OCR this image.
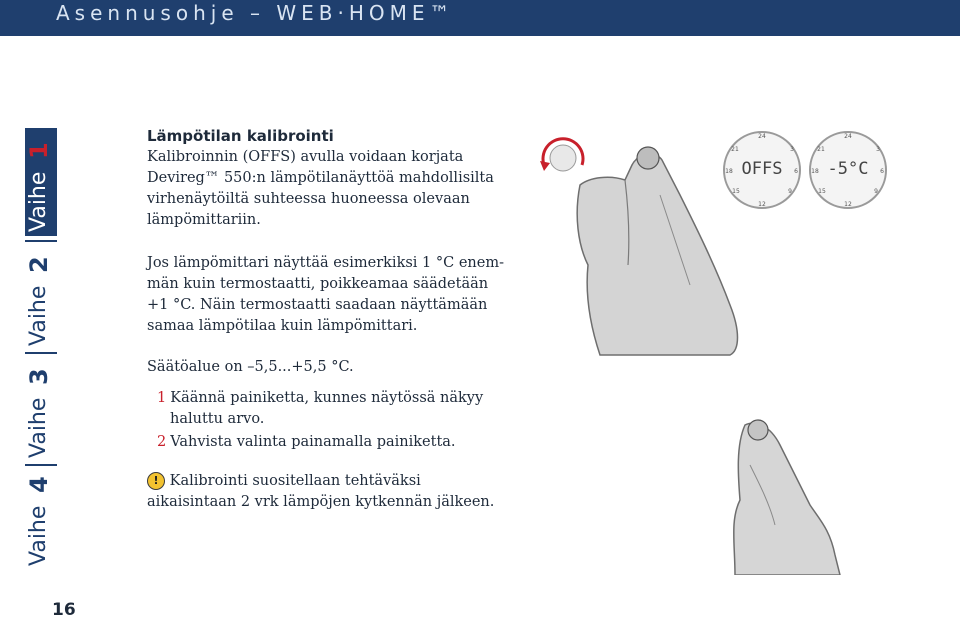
Asennusohje – WEB·HOME™
Vaihe 1
Vaihe 2
Vaihe 3
Vaihe 4
16

Lämpötilan kalibrointi

Kalibroinnin (OFFS) avulla voidaan korjata

Devireg™ 550:n lämpötilanäyttöä mahdollisilta

virhenäytöiltä suhteessa huoneessa olevaan

lämpömittariin.

Jos lämpömittari näyttää esimerkiksi 1 °C enem-

män kuin termostaatti, poikkeamaa säädetään

+1 °C. Näin termostaatti saadaan näyttämään

samaa lämpötilaa kuin lämpömittari.

Säätöalue on –5,5...+5,5 °C.

1 Käännä painiketta, kunnes näytössä näkyy
haluttu arvo.
2 Vahvista valinta painamalla painiketta.
! Kalibrointi suositellaan tehtäväksi
aikaisintaan 2 vrk lämpöjen kytkennän jälkeen.
OFFS
24
3
6
9
12
15
18
21
-5°C
24
3
6
9
12
15
18
21
